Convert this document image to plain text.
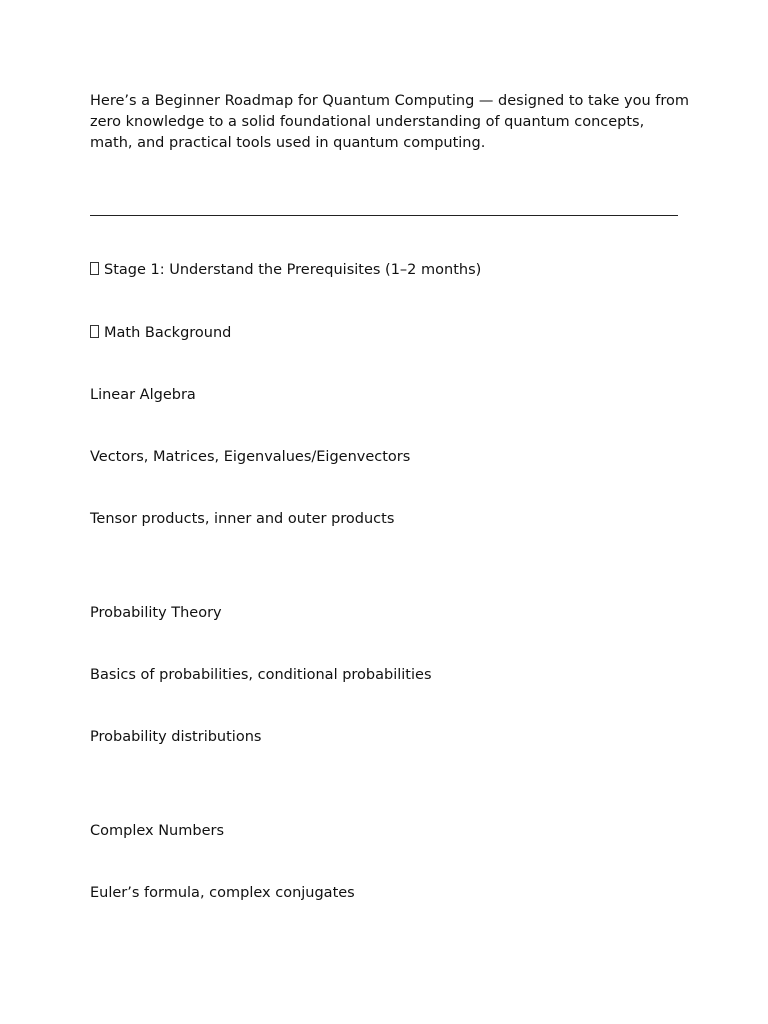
Here’s a Beginner Roadmap for Quantum Computing — designed to take you from zero knowledge to a solid foundational understanding of quantum concepts, math, and practical tools used in quantum computing.

Stage 1: Understand the Prerequisites (1–2 months)

Math Background

Linear Algebra

Vectors, Matrices, Eigenvalues/Eigenvectors

Tensor products, inner and outer products

Probability Theory

Basics of probabilities, conditional probabilities

Probability distributions

Complex Numbers

Euler’s formula, complex conjugates
